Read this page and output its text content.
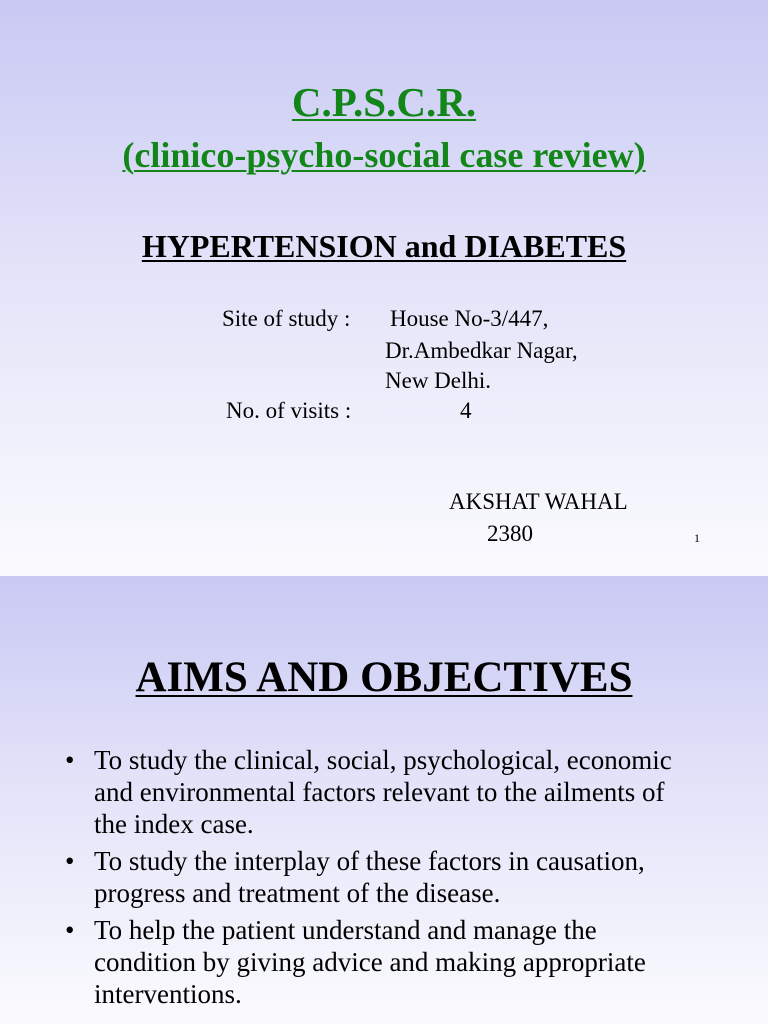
C.P.S.C.R.
(clinico-psycho-social case review)
HYPERTENSION and DIABETES
Site of study : House No-3/447,
Dr.Ambedkar Nagar,
New Delhi.
No. of visits :	4
AKSHAT WAHAL
2380	1
AIMS AND OBJECTIVES
• To study the clinical, social, psychological, economic and environmental factors relevant to the ailments of the index case.
• To study the interplay of these factors in causation, progress and treatment of the disease.
• To help the patient understand and manage the condition by giving advice and making appropriate interventions.
